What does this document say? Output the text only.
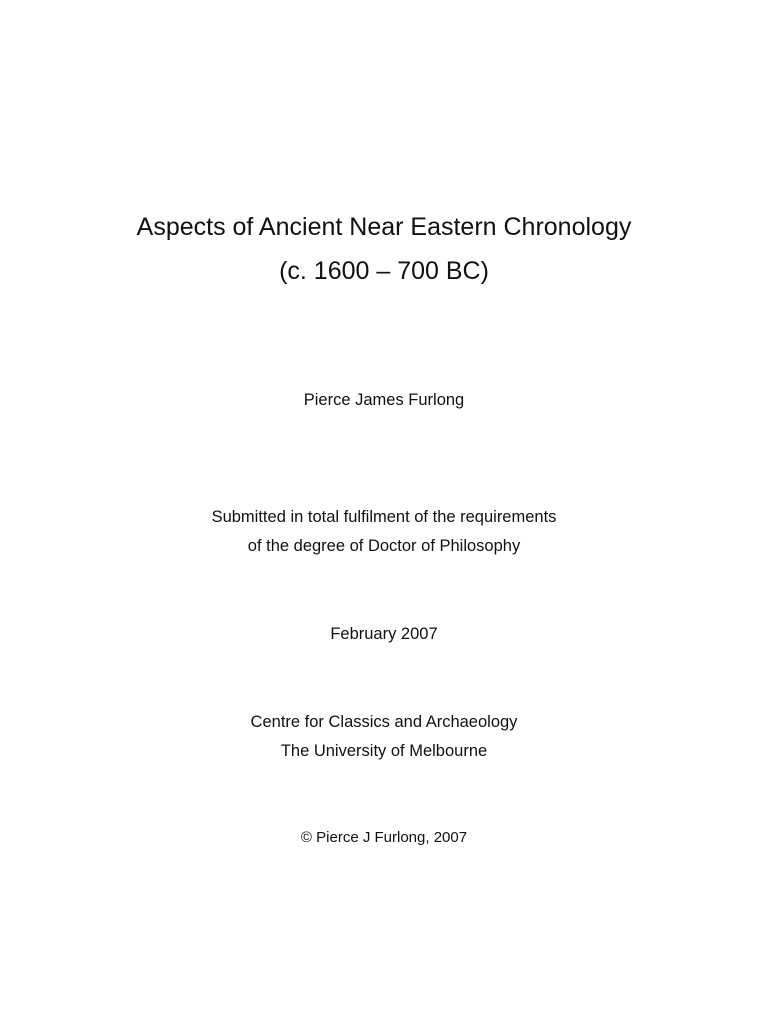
Aspects of Ancient Near Eastern Chronology
(c. 1600 – 700 BC)

Pierce James Furlong

Submitted in total fulfilment of the requirements

of the degree of Doctor of Philosophy

February 2007

Centre for Classics and Archaeology

The University of Melbourne

© Pierce J Furlong, 2007
